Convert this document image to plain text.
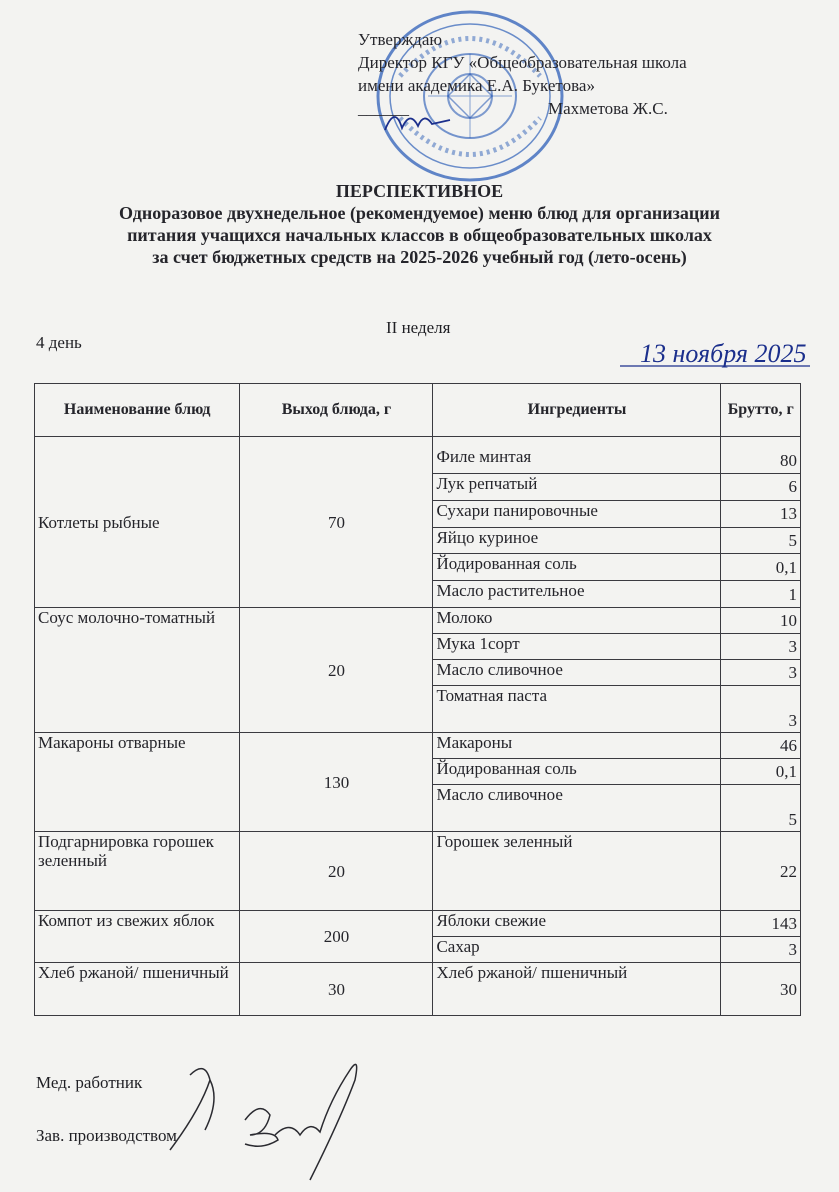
Утверждаю
Директор КГУ «Общеобразовательная школа
имени академика Е.А. Букетова»
______	Махметова Ж.С.
ПЕРСПЕКТИВНОЕ
Одноразовое двухнедельное (рекомендуемое) меню блюд для организации
питания учащихся начальных классов в общеобразовательных школах
за счет бюджетных средств на 2025-2026 учебный год (лето-осень)
II неделя
4 день	13 ноября 2025
Наименование блюд	Выход блюда, г	Ингредиенты	Брутто, г
Котлеты рыбные	70	Филе минтая	80
		Лук репчатый	6
		Сухари панировочные	13
		Яйцо куриное	5
		Йодированная соль	0,1
		Масло растительное	1
Соус молочно-томатный	20	Молоко	10
		Мука 1сорт	3
		Масло сливочное	3
		Томатная паста	3
Макароны отварные	130	Макароны	46
		Йодированная соль	0,1
		Масло сливочное	5
Подгарнировка горошек зеленный	20	Горошек зеленный	22
Компот из свежих яблок	200	Яблоки свежие	143
		Сахар	3
Хлеб ржаной/ пшеничный	30	Хлеб ржаной/ пшеничный	30
Мед. работник
Зав. производством
